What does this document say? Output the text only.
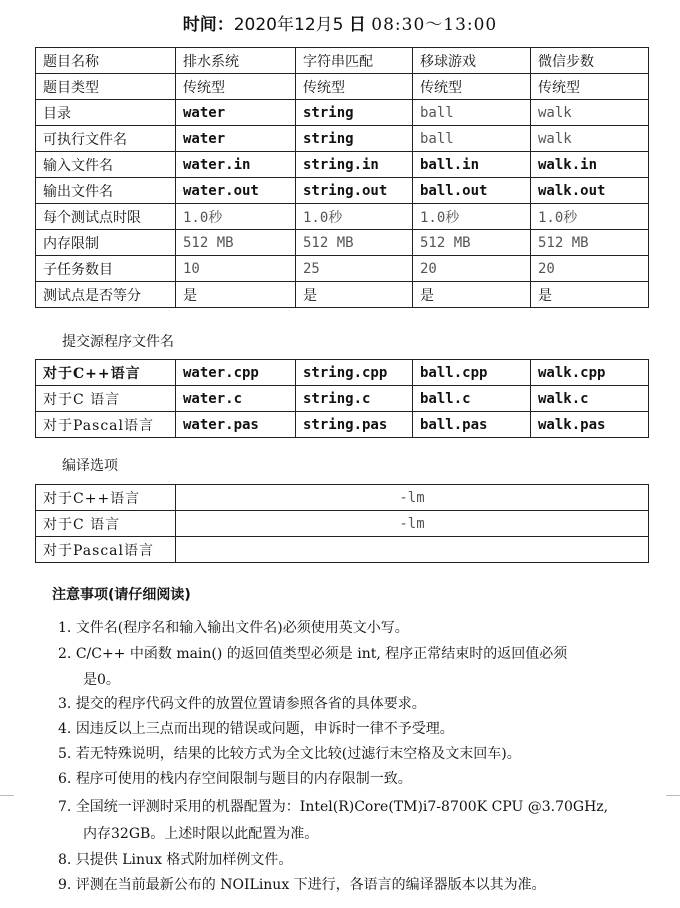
时间：2020年12月5 日 08:30～13:00
题目名称	排水系统	字符串匹配	移球游戏	微信步数
题目类型	传统型	传统型	传统型	传统型
目录	water	string	ball	walk
可执行文件名	water	string	ball	walk
输入文件名	water.in	string.in	ball.in	walk.in
输出文件名	water.out	string.out	ball.out	walk.out
每个测试点时限	1.0秒	1.0秒	1.0秒	1.0秒
内存限制	512 MB	512 MB	512 MB	512 MB
子任务数目	10	25	20	20
测试点是否等分	是	是	是	是
提交源程序文件名
对于C++语言	water.cpp	string.cpp	ball.cpp	walk.cpp
对于C 语言	water.c	string.c	ball.c	walk.c
对于Pascal语言	water.pas	string.pas	ball.pas	walk.pas
编译选项
对于C++语言	-lm
对于C 语言	-lm
对于Pascal语言	
注意事项(请仔细阅读)
1. 文件名(程序名和输入输出文件名)必须使用英文小写。
2. C/C++ 中函数 main() 的返回值类型必须是 int, 程序正常结束时的返回值必须
是0。
3. 提交的程序代码文件的放置位置请参照各省的具体要求。
4. 因违反以上三点而出现的错误或问题，申诉时一律不予受理。
5. 若无特殊说明，结果的比较方式为全文比较(过滤行末空格及文末回车)。
6. 程序可使用的栈内存空间限制与题目的内存限制一致。
7. 全国统一评测时采用的机器配置为：Intel(R)Core(TM)i7-8700K CPU @3.70GHz,
内存32GB。上述时限以此配置为准。
8. 只提供 Linux 格式附加样例文件。
9. 评测在当前最新公布的 NOILinux 下进行，各语言的编译器版本以其为准。
